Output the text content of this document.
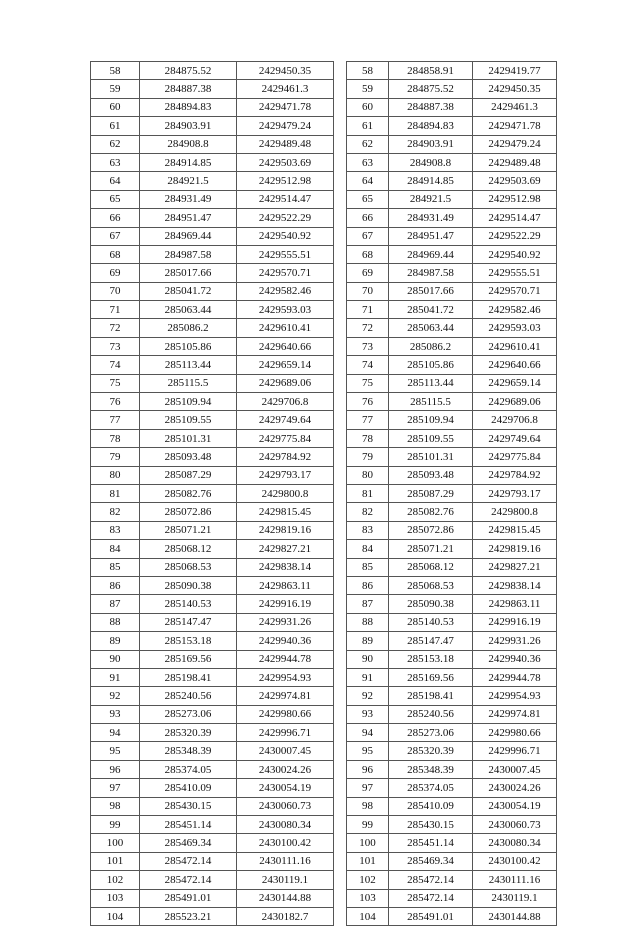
58	284875.52	2429450.35
59	284887.38	2429461.3
60	284894.83	2429471.78
61	284903.91	2429479.24
62	284908.8	2429489.48
63	284914.85	2429503.69
64	284921.5	2429512.98
65	284931.49	2429514.47
66	284951.47	2429522.29
67	284969.44	2429540.92
68	284987.58	2429555.51
69	285017.66	2429570.71
70	285041.72	2429582.46
71	285063.44	2429593.03
72	285086.2	2429610.41
73	285105.86	2429640.66
74	285113.44	2429659.14
75	285115.5	2429689.06
76	285109.94	2429706.8
77	285109.55	2429749.64
78	285101.31	2429775.84
79	285093.48	2429784.92
80	285087.29	2429793.17
81	285082.76	2429800.8
82	285072.86	2429815.45
83	285071.21	2429819.16
84	285068.12	2429827.21
85	285068.53	2429838.14
86	285090.38	2429863.11
87	285140.53	2429916.19
88	285147.47	2429931.26
89	285153.18	2429940.36
90	285169.56	2429944.78
91	285198.41	2429954.93
92	285240.56	2429974.81
93	285273.06	2429980.66
94	285320.39	2429996.71
95	285348.39	2430007.45
96	285374.05	2430024.26
97	285410.09	2430054.19
98	285430.15	2430060.73
99	285451.14	2430080.34
100	285469.34	2430100.42
101	285472.14	2430111.16
102	285472.14	2430119.1
103	285491.01	2430144.88
104	285523.21	2430182.7
58	284858.91	2429419.77
59	284875.52	2429450.35
60	284887.38	2429461.3
61	284894.83	2429471.78
62	284903.91	2429479.24
63	284908.8	2429489.48
64	284914.85	2429503.69
65	284921.5	2429512.98
66	284931.49	2429514.47
67	284951.47	2429522.29
68	284969.44	2429540.92
69	284987.58	2429555.51
70	285017.66	2429570.71
71	285041.72	2429582.46
72	285063.44	2429593.03
73	285086.2	2429610.41
74	285105.86	2429640.66
75	285113.44	2429659.14
76	285115.5	2429689.06
77	285109.94	2429706.8
78	285109.55	2429749.64
79	285101.31	2429775.84
80	285093.48	2429784.92
81	285087.29	2429793.17
82	285082.76	2429800.8
83	285072.86	2429815.45
84	285071.21	2429819.16
85	285068.12	2429827.21
86	285068.53	2429838.14
87	285090.38	2429863.11
88	285140.53	2429916.19
89	285147.47	2429931.26
90	285153.18	2429940.36
91	285169.56	2429944.78
92	285198.41	2429954.93
93	285240.56	2429974.81
94	285273.06	2429980.66
95	285320.39	2429996.71
96	285348.39	2430007.45
97	285374.05	2430024.26
98	285410.09	2430054.19
99	285430.15	2430060.73
100	285451.14	2430080.34
101	285469.34	2430100.42
102	285472.14	2430111.16
103	285472.14	2430119.1
104	285491.01	2430144.88
